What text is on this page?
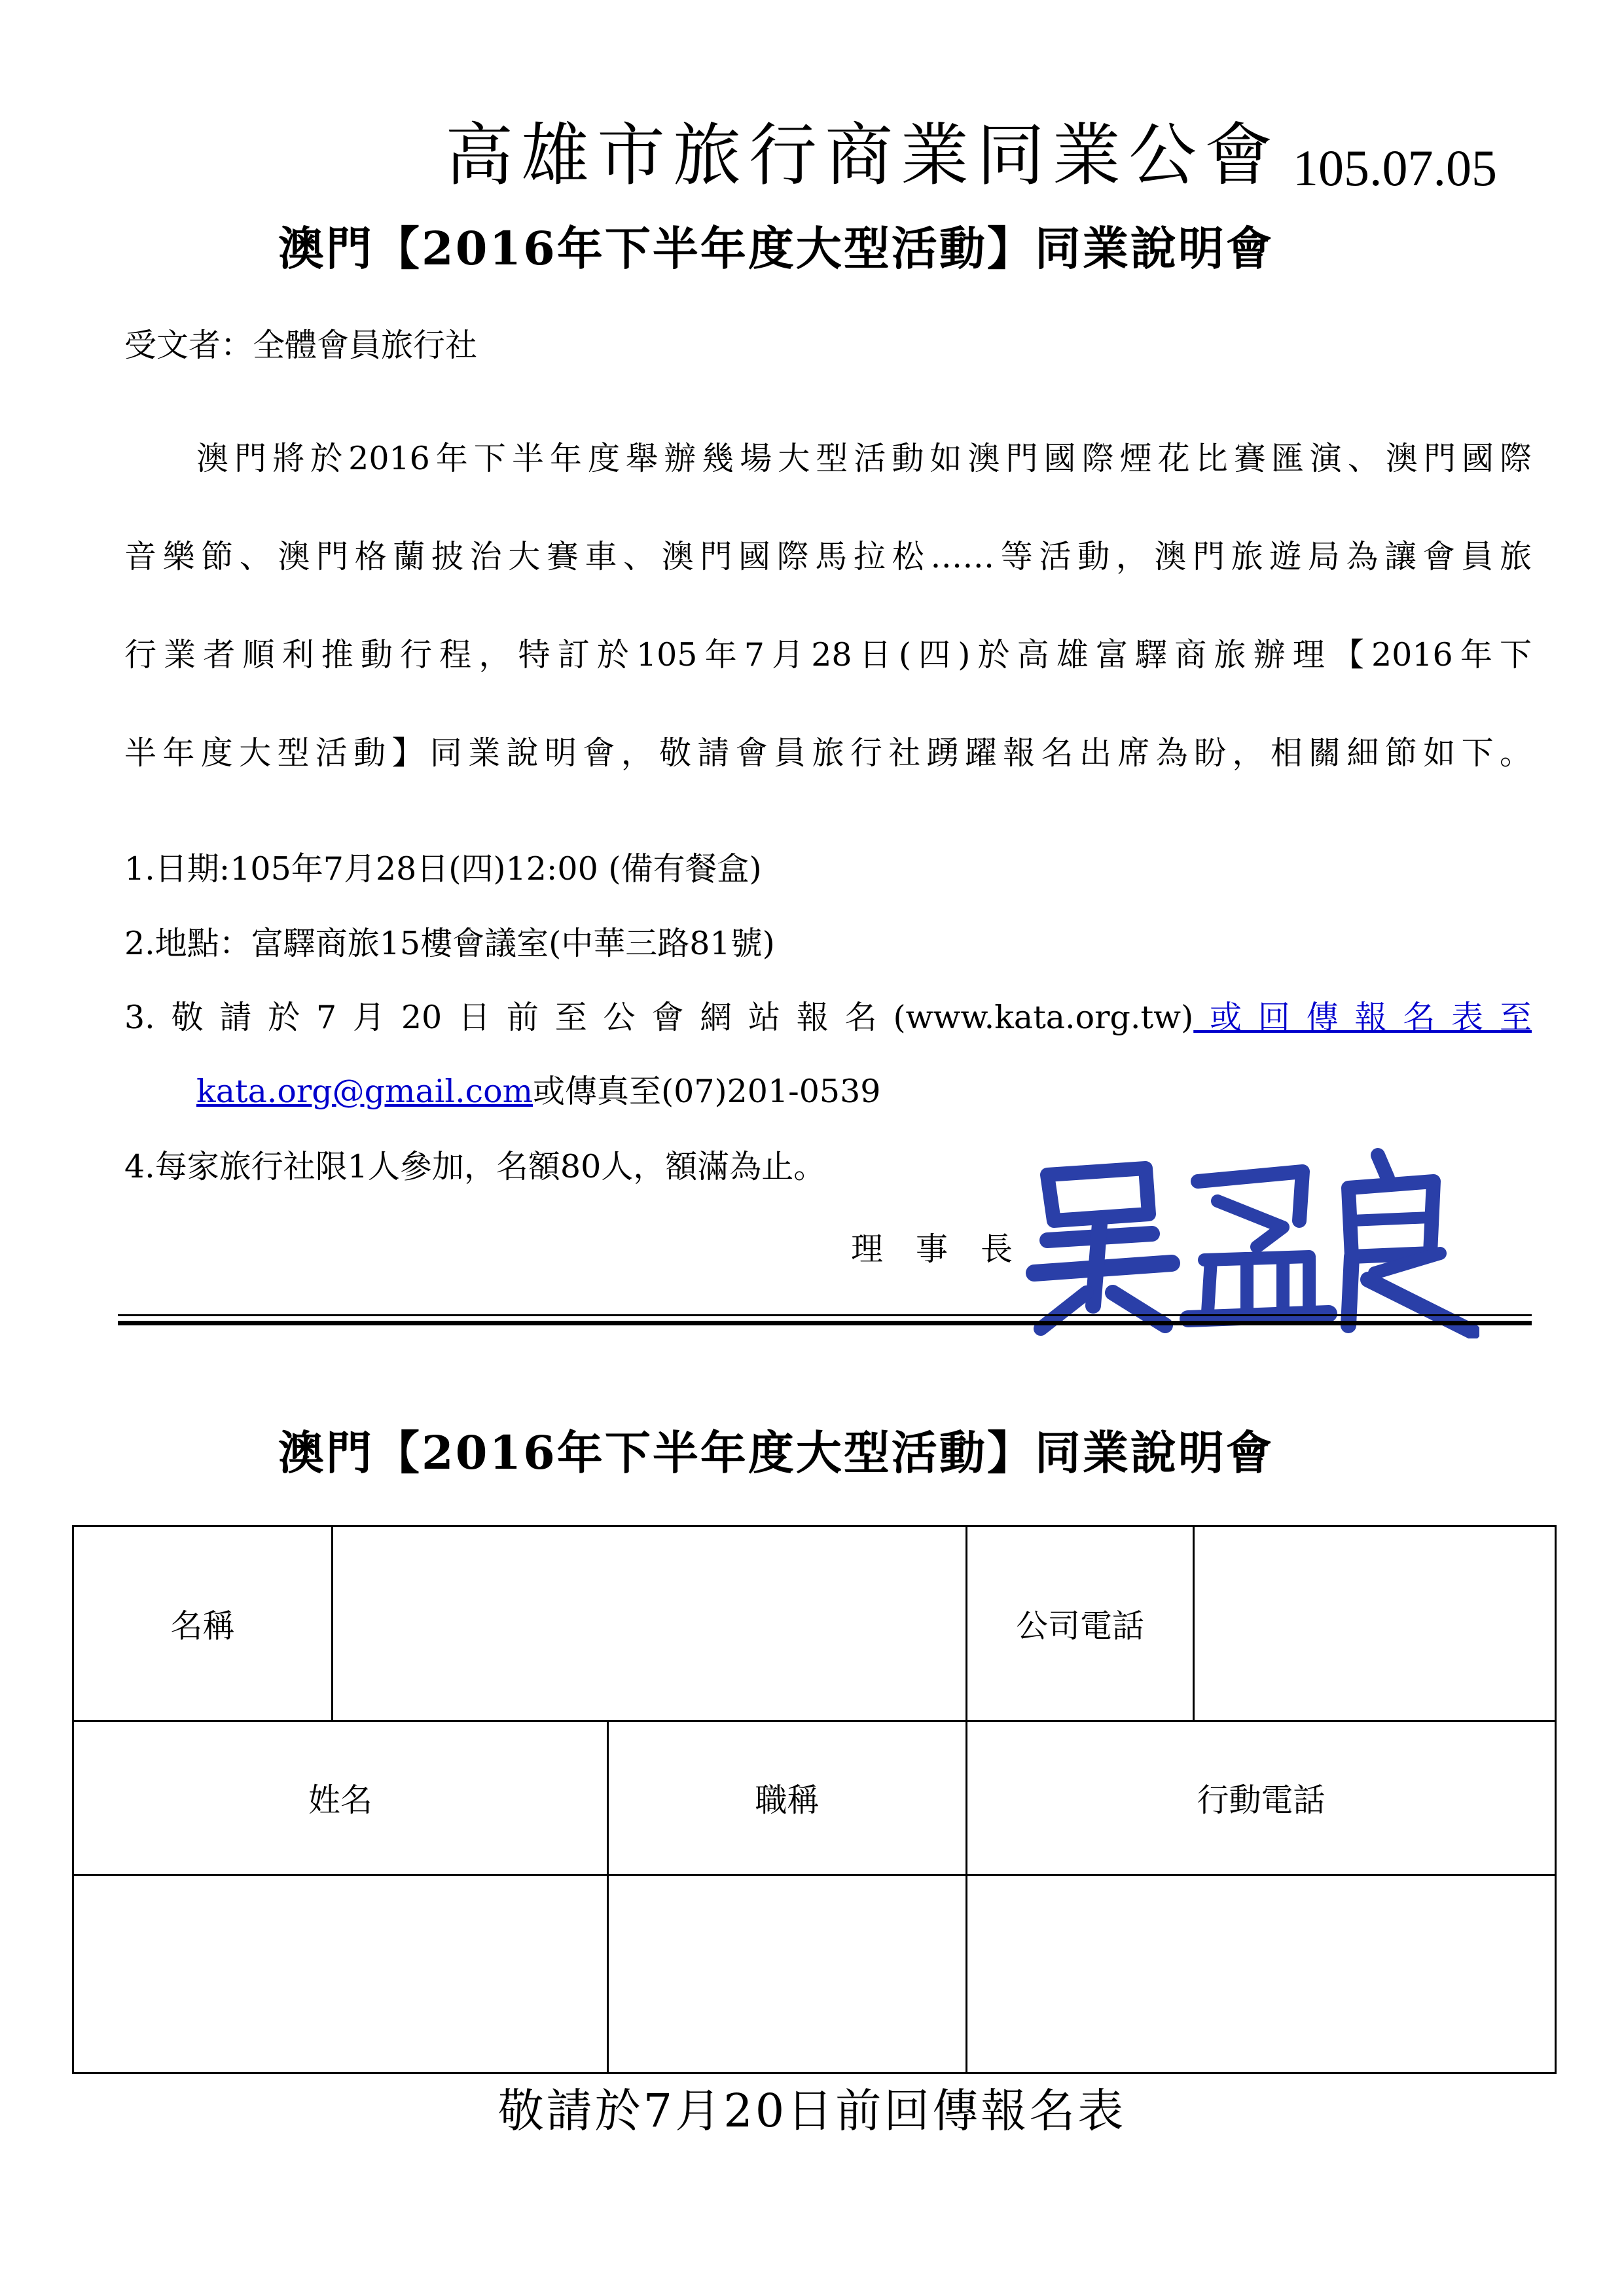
高雄市旅行商業同業公會 105.07.05
澳門【2016年下半年度大型活動】同業說明會
受文者：全體會員旅行社
澳門將於2016年下半年度舉辦幾場大型活動如澳門國際煙花比賽匯演、澳門國際
音樂節、澳門格蘭披治大賽車、澳門國際馬拉松……等活動，澳門旅遊局為讓會員旅
行業者順利推動行程，特訂於105年7月28日(四)於高雄富驛商旅辦理【2016年下
半年度大型活動】同業說明會，敬請會員旅行社踴躍報名出席為盼，相關細節如下。
1.日期:105年7月28日(四)12:00 (備有餐盒)
2.地點：富驛商旅15樓會議室(中華三路81號)
3.敬請於7月20日前至公會網站報名(www.kata.org.tw)或回傳報名表至
kata.org@gmail.com或傳真至(07)201-0539
4.每家旅行社限1人參加，名額80人，額滿為止。
理事長
澳門【2016年下半年度大型活動】同業說明會
名稱			公司電話	
姓名		職稱	行動電話	

敬請於7月20日前回傳報名表
